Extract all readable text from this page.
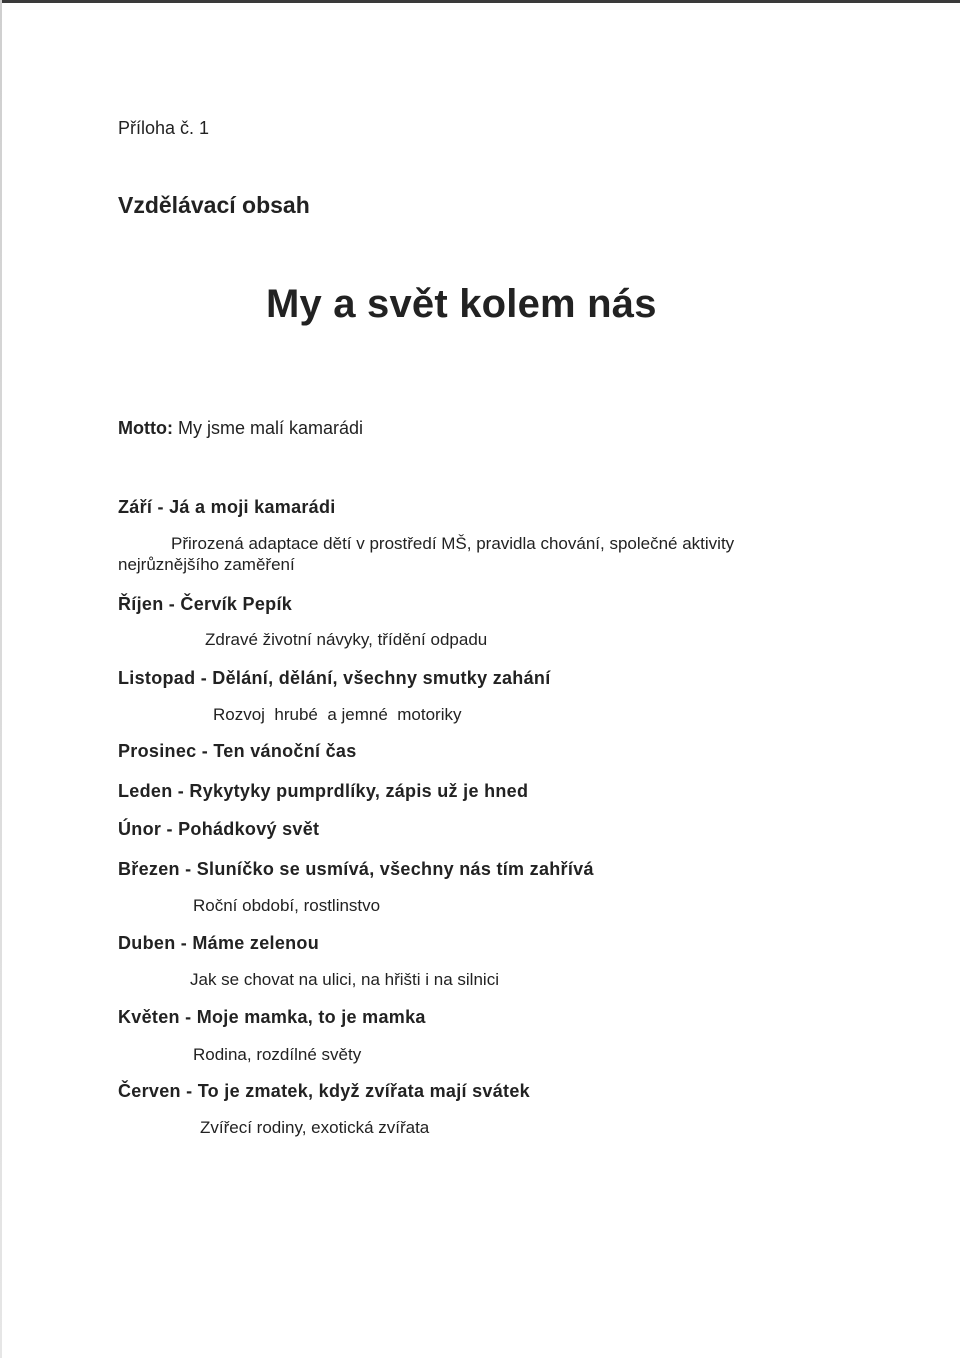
Příloha č. 1
Vzdělávací obsah
My a svět kolem nás
Motto: My jsme malí kamarádi
Září - Já a moji kamarádi
Přirozená adaptace dětí v prostředí MŠ, pravidla chování, společné aktivity
nejrůznějšího zaměření
Říjen - Červík Pepík
Zdravé životní návyky, třídění odpadu
Listopad - Dělání, dělání, všechny smutky zahání
Rozvoj  hrubé  a jemné  motoriky
Prosinec - Ten vánoční čas
Leden - Rykytyky pumprdlíky, zápis už je hned
Únor - Pohádkový svět
Březen - Sluníčko se usmívá, všechny nás tím zahřívá
Roční období, rostlinstvo
Duben - Máme zelenou
Jak se chovat na ulici, na hřišti i na silnici
Květen - Moje mamka, to je mamka
Rodina, rozdílné světy
Červen - To je zmatek, když zvířata mají svátek
Zvířecí rodiny, exotická zvířata
